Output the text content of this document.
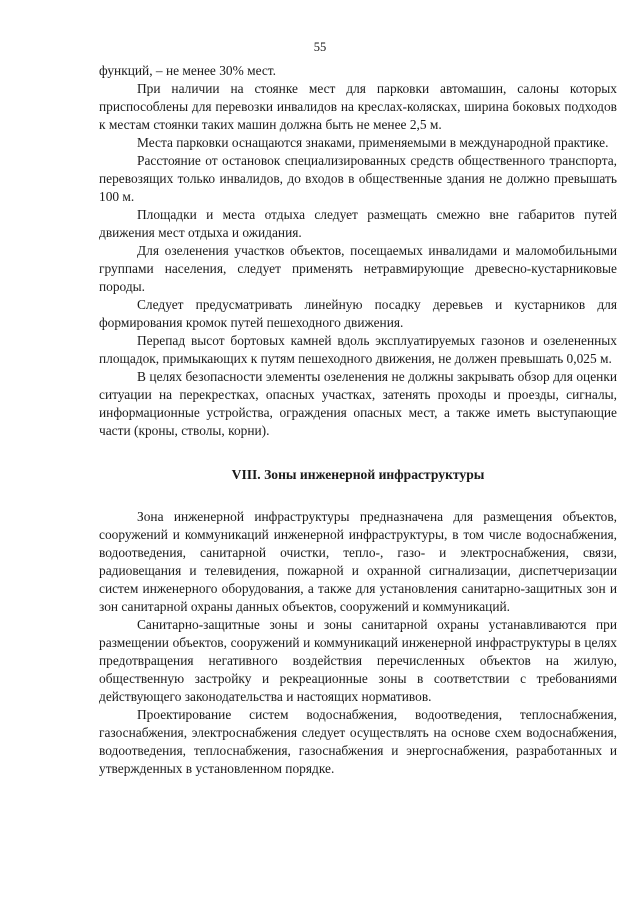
55

функций, – не менее 30% мест.

При наличии на стоянке мест для парковки автомашин, салоны которых приспособлены для перевозки инвалидов на креслах-колясках, ширина боковых подходов к местам стоянки таких машин должна быть не менее 2,5 м.

Места парковки оснащаются знаками, применяемыми в международной практике.

Расстояние от остановок специализированных средств общественного транспорта, перевозящих только инвалидов, до входов в общественные здания не должно превышать 100 м.

Площадки и места отдыха следует размещать смежно вне габаритов путей движения мест отдыха и ожидания.

Для озеленения участков объектов, посещаемых инвалидами и маломобильными группами населения, следует применять нетравмирующие древесно-кустарниковые породы.

Следует предусматривать линейную посадку деревьев и кустарников для формирования кромок путей пешеходного движения.

Перепад высот бортовых камней вдоль эксплуатируемых газонов и озелененных площадок, примыкающих к путям пешеходного движения, не должен превышать 0,025 м.

В целях безопасности элементы озеленения не должны закрывать обзор для оценки ситуации на перекрестках, опасных участках, затенять проходы и проезды, сигналы, информационные устройства, ограждения опасных мест, а также иметь выступающие части (кроны, стволы, корни).

VIII. Зоны инженерной инфраструктуры

Зона инженерной инфраструктуры предназначена для размещения объектов, сооружений и коммуникаций инженерной инфраструктуры, в том числе водоснабжения, водоотведения, санитарной очистки, тепло-, газо- и электроснабжения, связи, радиовещания и телевидения, пожарной и охранной сигнализации, диспетчеризации систем инженерного оборудования, а также для установления санитарно-защитных зон и зон санитарной охраны данных объектов, сооружений и коммуникаций.

Санитарно-защитные зоны и зоны санитарной охраны устанавливаются при размещении объектов, сооружений и коммуникаций инженерной инфраструктуры в целях предотвращения негативного воздействия перечисленных объектов на жилую, общественную застройку и рекреационные зоны в соответствии с требованиями действующего законодательства и настоящих нормативов.

Проектирование систем водоснабжения, водоотведения, теплоснабжения, газоснабжения, электроснабжения следует осуществлять на основе схем водоснабжения, водоотведения, теплоснабжения, газоснабжения и энергоснабжения, разработанных и утвержденных в установленном порядке.
